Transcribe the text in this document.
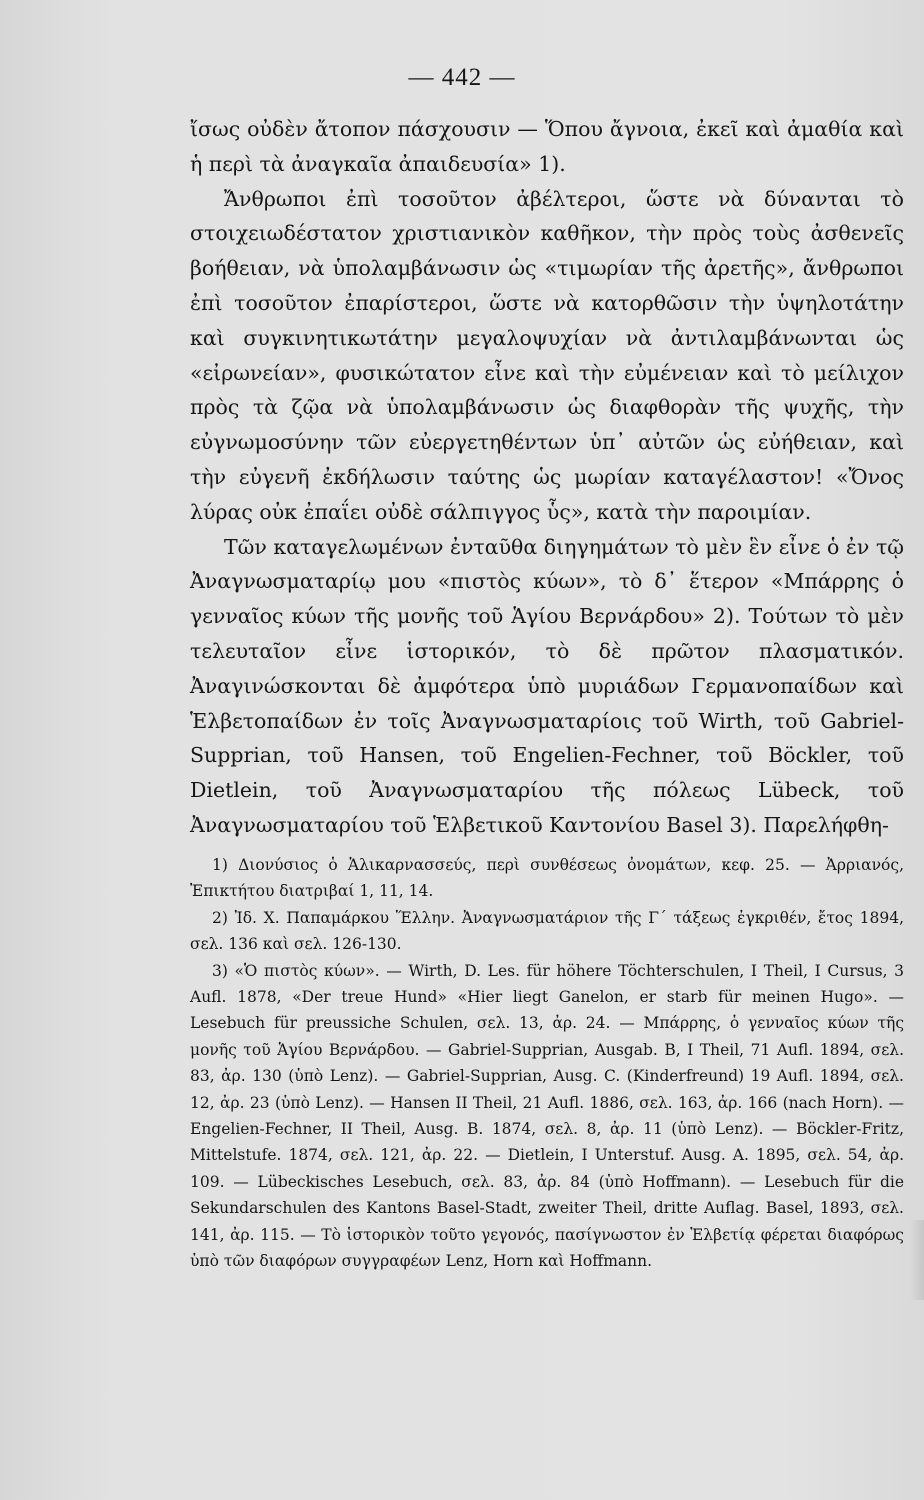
— 442 —

ἴσως οὐδὲν ἄτοπον πάσχουσιν — Ὅπου ἄγνοια, ἐκεῖ καὶ ἀμαθία καὶ ἡ περὶ τὰ ἀναγκαῖα ἀπαιδευσία» 1).

Ἄνθρωποι ἐπὶ τοσοῦτον ἀβέλτεροι, ὥστε νὰ δύνανται τὸ στοιχειωδέστατον χριστιανικὸν καθῆκον, τὴν πρὸς τοὺς ἀσθενεῖς βοήθειαν, νὰ ὑπολαμβάνωσιν ὡς «τιμωρίαν τῆς ἀρετῆς», ἄνθρωποι ἐπὶ τοσοῦτον ἐπαρίστεροι, ὥστε νὰ κατορθῶσιν τὴν ὑψηλοτάτην καὶ συγκινητικωτάτην μεγαλοψυχίαν νὰ ἀντιλαμβάνωνται ὡς «εἰρωνείαν», φυσικώτατον εἶνε καὶ τὴν εὐμένειαν καὶ τὸ μείλιχον πρὸς τὰ ζῷα νὰ ὑπολαμβάνωσιν ὡς διαφθορὰν τῆς ψυχῆς, τὴν εὐγνωμοσύνην τῶν εὐεργετηθέντων ὑπ᾽ αὐτῶν ὡς εὐήθειαν, καὶ τὴν εὐγενῆ ἐκδήλωσιν ταύτης ὡς μωρίαν καταγέλαστον! «Ὄνος λύρας οὐκ ἐπαΐει οὐδὲ σάλπιγγος ὗς», κατὰ τὴν παροιμίαν.

Τῶν καταγελωμένων ἐνταῦθα διηγημάτων τὸ μὲν ἓν εἶνε ὁ ἐν τῷ Ἀναγνωσματαρίῳ μου «πιστὸς κύων», τὸ δ᾽ ἕτερον «Μπάρρης ὁ γενναῖος κύων τῆς μονῆς τοῦ Ἁγίου Βερνάρδου» 2). Τούτων τὸ μὲν τελευταῖον εἶνε ἱστορικόν, τὸ δὲ πρῶτον πλασματικόν. Ἀναγινώσκονται δὲ ἀμφότερα ὑπὸ μυριάδων Γερμανοπαίδων καὶ Ἑλβετοπαίδων ἐν τοῖς Ἀναγνωσματαρίοις τοῦ Wirth, τοῦ Gabriel-Supprian, τοῦ Hansen, τοῦ Engelien-Fechner, τοῦ Böckler, τοῦ Dietlein, τοῦ Ἀναγνωσματαρίου τῆς πόλεως Lübeck, τοῦ Ἀναγνωσματαρίου τοῦ Ἑλβετικοῦ Καντονίου Basel 3). Παρελήφθη-

1) Διονύσιος ὁ Ἁλικαρνασσεύς, περὶ συνθέσεως ὀνομάτων, κεφ. 25. — Ἀρριανός, Ἐπικτήτου διατριβαί 1, 11, 14.

2) Ἰδ. Χ. Παπαμάρκου Ἕλλην. Ἀναγνωσματάριον τῆς Γ´ τάξεως ἐγκριθέν, ἔτος 1894, σελ. 136 καὶ σελ. 126-130.

3) «Ὁ πιστὸς κύων». — Wirth, D. Les. für höhere Töchterschulen, I Theil, I Cursus, 3 Aufl. 1878, «Der treue Hund» «Hier liegt Ganelon, er starb für meinen Hugo». — Lesebuch für preussiche Schulen, σελ. 13, ἀρ. 24. — Μπάρρης, ὁ γενναῖος κύων τῆς μονῆς τοῦ Ἁγίου Βερνάρδου. — Gabriel-Supprian, Ausgab. B, I Theil, 71 Aufl. 1894, σελ. 83, ἀρ. 130 (ὑπὸ Lenz). — Gabriel-Supprian, Ausg. C. (Kinderfreund) 19 Aufl. 1894, σελ. 12, ἀρ. 23 (ὑπὸ Lenz). — Hansen II Theil, 21 Aufl. 1886, σελ. 163, ἀρ. 166 (nach Horn). — Engelien-Fechner, II Theil, Ausg. B. 1874, σελ. 8, ἀρ. 11 (ὑπὸ Lenz). — Böckler-Fritz, Mittelstufe. 1874, σελ. 121, ἀρ. 22. — Dietlein, I Unterstuf. Ausg. A. 1895, σελ. 54, ἀρ. 109. — Lübeckisches Lesebuch, σελ. 83, ἀρ. 84 (ὑπὸ Hoffmann). — Lesebuch für die Sekundarschulen des Kantons Basel-Stadt, zweiter Theil, dritte Auflag. Basel, 1893, σελ. 141, ἀρ. 115. — Τὸ ἱστορικὸν τοῦτο γεγονός, πασίγνωστον ἐν Ἑλβετίᾳ φέρεται διαφόρως ὑπὸ τῶν διαφόρων συγγραφέων Lenz, Horn καὶ Hoffmann.
